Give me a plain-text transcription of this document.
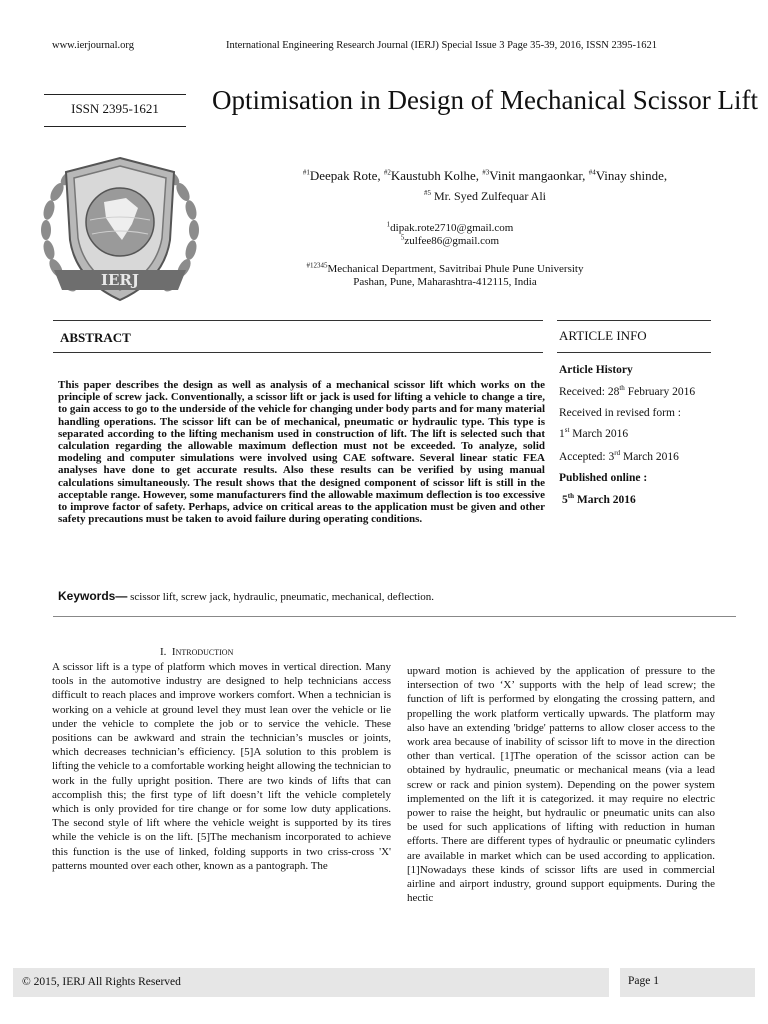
www.ierjournal.org	International Engineering Research Journal (IERJ) Special Issue 3 Page 35-39, 2016, ISSN 2395-1621
ISSN 2395-1621
IERJ
Optimisation in Design of Mechanical Scissor Lift
$^{\#1}$Deepak Rote, $^{\#2}$Kaustubh Kolhe, $^{\#3}$Vinit mangaonkar, $^{\#4}$Vinay shinde,
$^{\#5}$ Mr. Syed Zulfequar Ali
$^1$dipak.rote2710@gmail.com
$^5$zulfee86@gmail.com
$^{\#12345}$Mechanical Department, Savitribai Phule Pune University
Pashan, Pune, Maharashtra-412115, India
ABSTRACT	ARTICLE INFO
This paper describes the design as well as analysis of a mechanical scissor lift which works on the principle of screw jack. Conventionally, a scissor lift or jack is used for lifting a vehicle to change a tire, to gain access to go to the underside of the vehicle for changing under body parts and for many material handling operations. The scissor lift can be of mechanical, pneumatic or hydraulic type. This type is separated according to the lifting mechanism used in construction of lift. The lift is selected such that calculation regarding the allowable maximum deflection must not be exceeded. To analyze, solid modeling and computer simulations were involved using CAE software. Several linear static FEA analyses have done to get accurate results. Also these results can be verified by using manual calculations simultaneously. The result shows that the designed component of scissor lift is still in the acceptable range. However, some manufacturers find the allowable maximum deflection is too excessive to improve factor of safety. Perhaps, advice on critical areas to the application must be given and other safety precautions must be taken to avoid failure during operating conditions.
Article History
Received: 28th February 2016
Received in revised form :
1st March 2016
Accepted: 3rd March 2016
Published online :
5th March 2016
Keywords— scissor lift, screw jack, hydraulic, pneumatic, mechanical, deflection.
I. Introduction
A scissor lift is a type of platform which moves in vertical direction. Many tools in the automotive industry are designed to help technicians access difficult to reach places and improve workers comfort. When a technician is working on a vehicle at ground level they must lean over the vehicle or lie under the vehicle to complete the job or to service the vehicle. These positions can be awkward and strain the technician’s muscles or joints, which decreases technician’s efficiency. [5]A solution to this problem is lifting the vehicle to a comfortable working height allowing the technician to work in the fully upright position. There are two kinds of lifts that can accomplish this; the first type of lift doesn’t lift the vehicle completely which is only provided for tire change or for some low duty applications. The second style of lift where the vehicle weight is supported by its tires while the vehicle is on the lift. [5]The mechanism incorporated to achieve this function is the use of linked, folding supports in two criss-cross 'X' patterns mounted over each other, known as a pantograph. The
upward motion is achieved by the application of pressure to the intersection of two ‘X’ supports with the help of lead screw; the function of lift is performed by elongating the crossing pattern, and propelling the work platform vertically upwards. The platform may also have an extending 'bridge' patterns to allow closer access to the work area because of inability of scissor lift to move in the direction other than vertical. [1]The operation of the scissor action can be obtained by hydraulic, pneumatic or mechanical means (via a lead screw or rack and pinion system). Depending on the power system implemented on the lift it is categorized. it may require no electric power to raise the height, but hydraulic or pneumatic units can also be used for such applications of lifting with reduction in human efforts. There are different types of hydraulic or pneumatic cylinders are available in market which can be used according to application. [1]Nowadays these kinds of scissor lifts are used in commercial airline and airport industry, ground support equipments. During the hectic
© 2015, IERJ All Rights Reserved	Page 1
